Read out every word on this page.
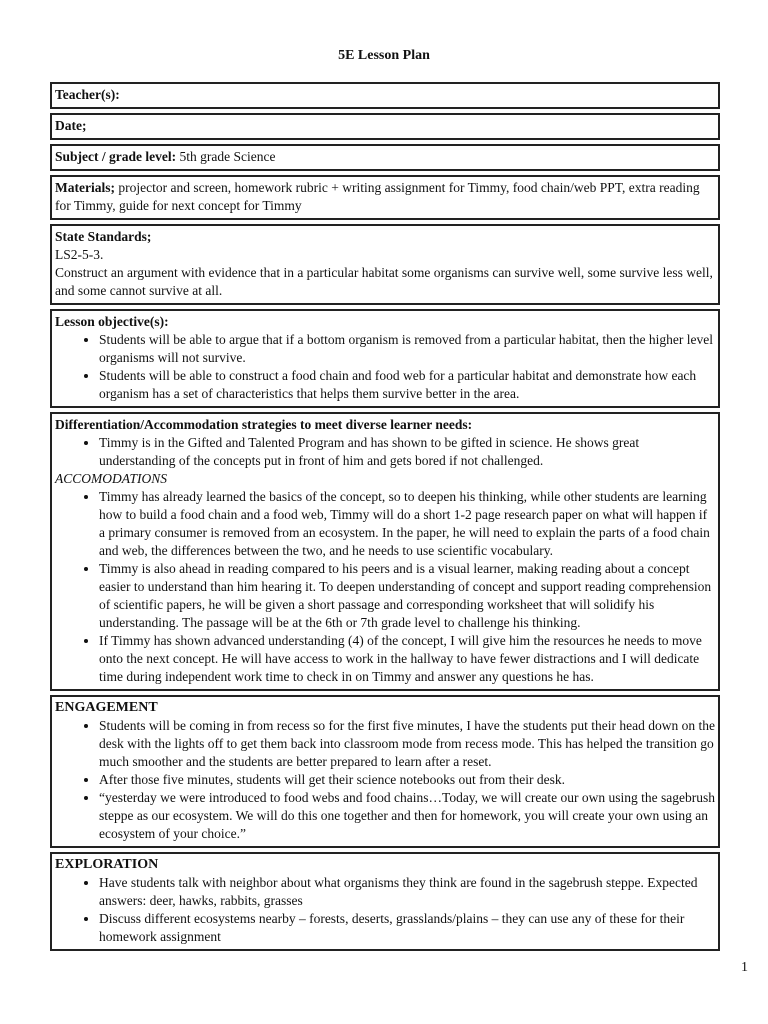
5E Lesson Plan
Teacher(s):
Date;
Subject / grade level: 5th grade Science
Materials; projector and screen, homework rubric + writing assignment for Timmy, food chain/web PPT, extra reading for Timmy, guide for next concept for Timmy
State Standards;
LS2-5-3.
Construct an argument with evidence that in a particular habitat some organisms can survive well, some survive less well, and some cannot survive at all.
Lesson objective(s):
• Students will be able to argue that if a bottom organism is removed from a particular habitat, then the higher level organisms will not survive.
• Students will be able to construct a food chain and food web for a particular habitat and demonstrate how each organism has a set of characteristics that helps them survive better in the area.
Differentiation/Accommodation strategies to meet diverse learner needs:
• Timmy is in the Gifted and Talented Program and has shown to be gifted in science. He shows great understanding of the concepts put in front of him and gets bored if not challenged.
ACCOMODATIONS
• Timmy has already learned the basics of the concept, so to deepen his thinking, while other students are learning how to build a food chain and a food web, Timmy will do a short 1-2 page research paper on what will happen if a primary consumer is removed from an ecosystem. In the paper, he will need to explain the parts of a food chain and web, the differences between the two, and he needs to use scientific vocabulary.
• Timmy is also ahead in reading compared to his peers and is a visual learner, making reading about a concept easier to understand than him hearing it. To deepen understanding of concept and support reading comprehension of scientific papers, he will be given a short passage and corresponding worksheet that will solidify his understanding. The passage will be at the 6th or 7th grade level to challenge his thinking.
• If Timmy has shown advanced understanding (4) of the concept, I will give him the resources he needs to move onto the next concept. He will have access to work in the hallway to have fewer distractions and I will dedicate time during independent work time to check in on Timmy and answer any questions he has.
ENGAGEMENT
• Students will be coming in from recess so for the first five minutes, I have the students put their head down on the desk with the lights off to get them back into classroom mode from recess mode. This has helped the transition go much smoother and the students are better prepared to learn after a reset.
• After those five minutes, students will get their science notebooks out from their desk.
• “yesterday we were introduced to food webs and food chains…Today, we will create our own using the sagebrush steppe as our ecosystem. We will do this one together and then for homework, you will create your own using an ecosystem of your choice.”
EXPLORATION
• Have students talk with neighbor about what organisms they think are found in the sagebrush steppe. Expected answers: deer, hawks, rabbits, grasses
• Discuss different ecosystems nearby – forests, deserts, grasslands/plains – they can use any of these for their homework assignment
1
